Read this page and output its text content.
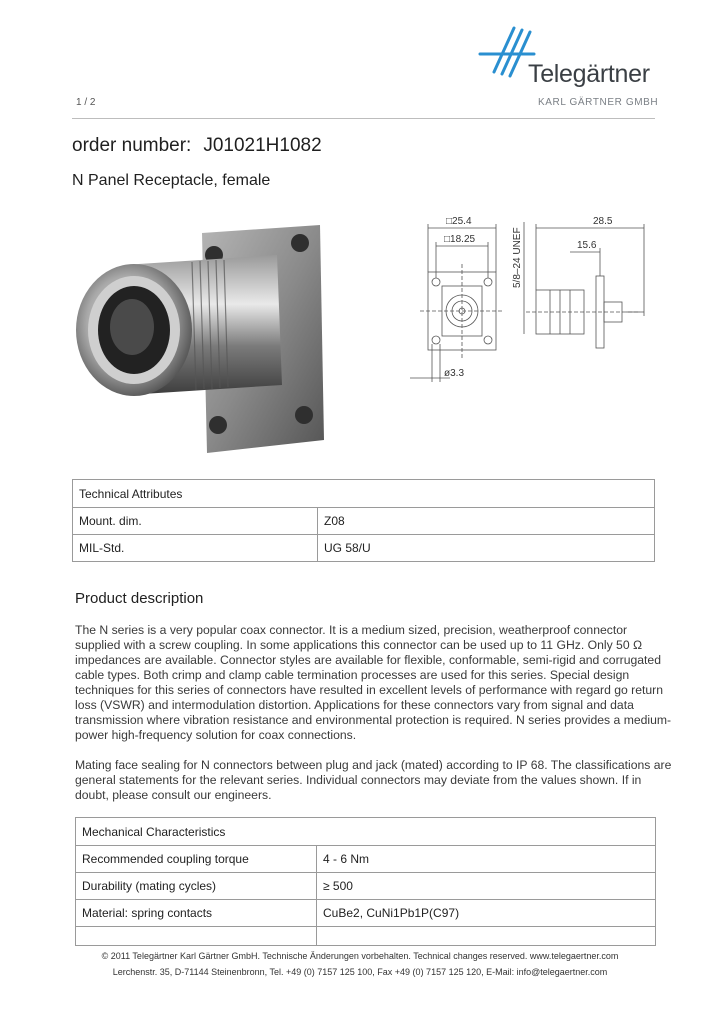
Telegärtner
KARL GÄRTNER GMBH
1 / 2
order number: J01021H1082
N Panel Receptacle, female
□25.4
□18.25
ø3.3
5/8–24 UNEF
28.5
15.6
Technical Attributes	
Mount. dim.	Z08
MIL-Std.	UG 58/U
Product description
The N series is a very popular coax connector. It is a medium sized, precision, weatherproof connector supplied with a screw coupling. In some applications this connector can be used up to 11 GHz. Only 50 Ω impedances are available. Connector styles are available for flexible, conformable, semi-rigid and corrugated cable types. Both crimp and clamp cable termination processes are used for this series. Special design techniques for this series of connectors have resulted in excellent levels of performance with regard go return loss (VSWR) and intermodulation distortion. Applications for these connectors vary from signal and data transmission where vibration resistance and environmental protection is required. N series provides a medium-power high-frequency solution for coax connections.
Mating face sealing for N connectors between plug and jack (mated) according to IP 68. The classifications are general statements for the relevant series. Individual connectors may deviate from the values shown. If in doubt, please consult our engineers.
Mechanical Characteristics	
Recommended coupling torque	4 - 6 Nm
Durability (mating cycles)	≥ 500
Material: spring contacts	CuBe2, CuNi1Pb1P(C97)

© 2011 Telegärtner Karl Gärtner GmbH. Technische Änderungen vorbehalten. Technical changes reserved. www.telegaertner.com
Lerchenstr. 35, D-71144 Steinenbronn, Tel. +49 (0) 7157 125 100, Fax +49 (0) 7157 125 120, E-Mail: info@telegaertner.com
